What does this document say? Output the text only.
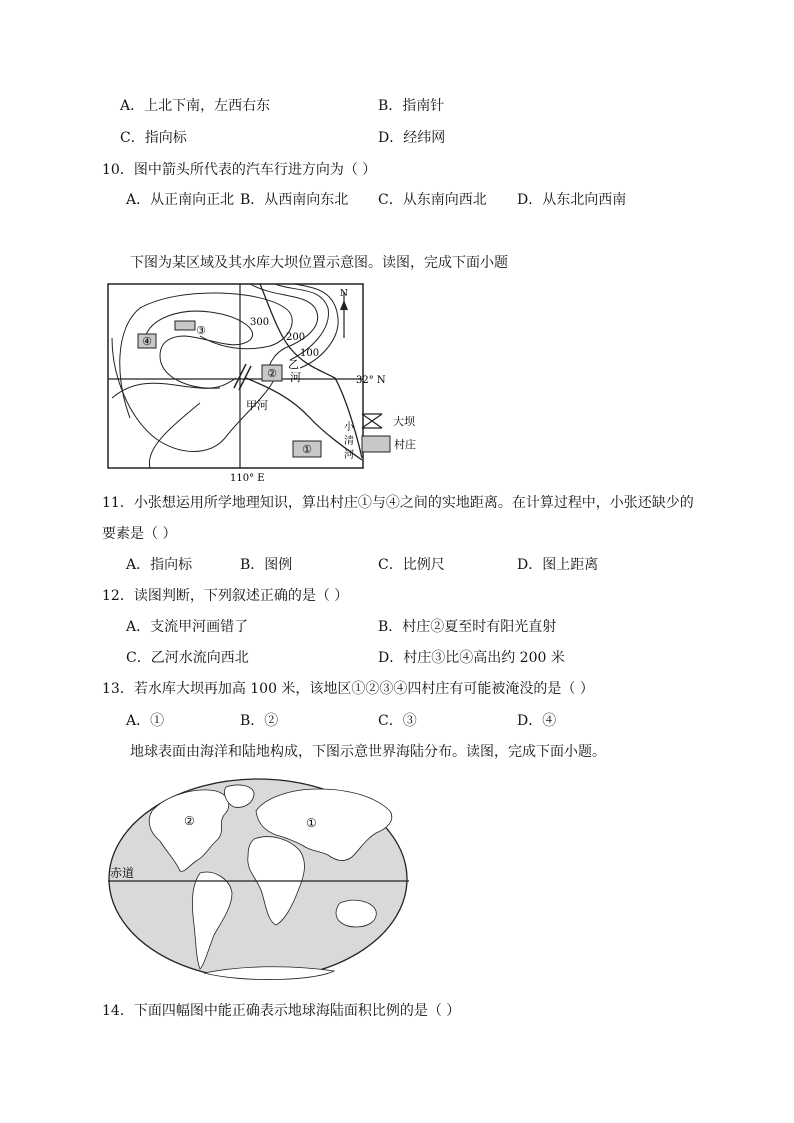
A．上北下南，左西右东	B．指南针
C．指向标	D．经纬网
10．图中箭头所代表的汽车行进方向为（ ）
A．从正南向正北 B．从西南向东北 C．从东南向西北 D．从东北向西南
下图为某区域及其水库大坝位置示意图。读图，完成下面小题
④
③
②
①
300
200
100
乙
河
甲河
小
清
河
32° N
110° E
N
大坝
村庄
11．小张想运用所学地理知识，算出村庄①与④之间的实地距离。在计算过程中，小张还缺少的
要素是（ ）
A．指向标	B．图例	C．比例尺	D．图上距离
12．读图判断，下列叙述正确的是（ ）
A．支流甲河画错了	B．村庄②夏至时有阳光直射
C．乙河水流向西北	D．村庄③比④高出约 200 米
13．若水库大坝再加高 100 米，该地区①②③④四村庄有可能被淹没的是（ ）
A．①	B．②	C．③	D．④
地球表面由海洋和陆地构成，下图示意世界海陆分布。读图，完成下面小题。
赤道
②	①
14．下面四幅图中能正确表示地球海陆面积比例的是（ ）
